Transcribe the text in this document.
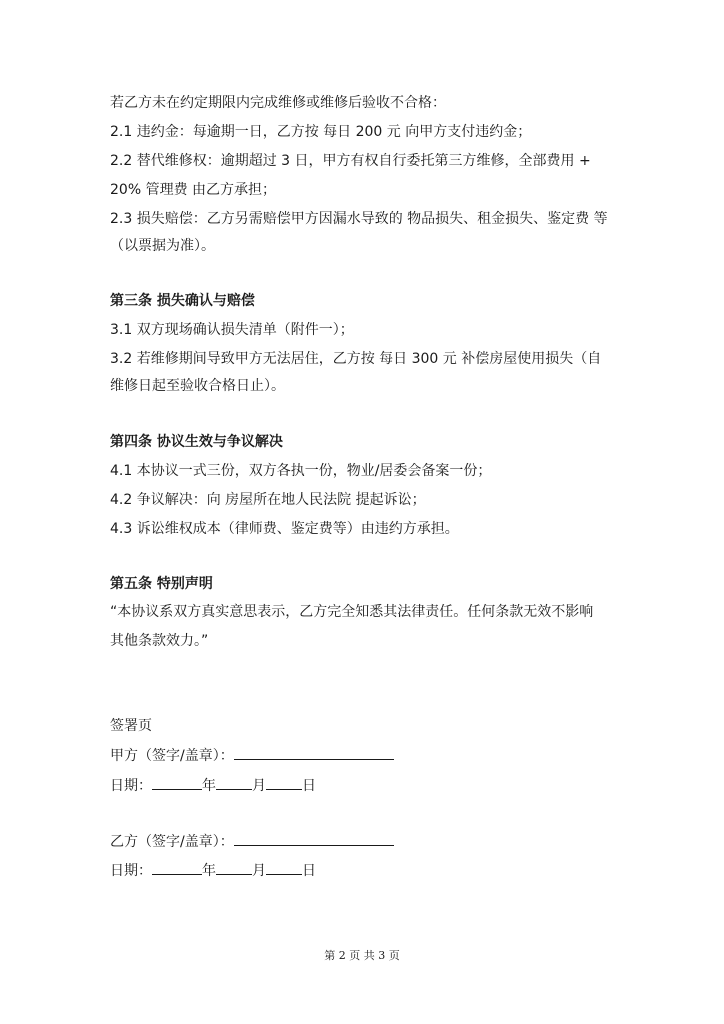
若乙方未在约定期限内完成维修或维修后验收不合格：
2.1 违约金：每逾期一日，乙方按 每日 200 元 向甲方支付违约金；
2.2 替代维修权：逾期超过 3 日，甲方有权自行委托第三方维修，全部费用 +
20% 管理费 由乙方承担；
2.3 损失赔偿：乙方另需赔偿甲方因漏水导致的 物品损失、租金损失、鉴定费 等
（以票据为准）。
第三条 损失确认与赔偿
3.1 双方现场确认损失清单（附件一）；
3.2 若维修期间导致甲方无法居住，乙方按 每日 300 元 补偿房屋使用损失（自
维修日起至验收合格日止）。
第四条 协议生效与争议解决
4.1 本协议一式三份，双方各执一份，物业/居委会备案一份；
4.2 争议解决：向 房屋所在地人民法院 提起诉讼；
4.3 诉讼维权成本（律师费、鉴定费等）由违约方承担。
第五条 特别声明
“本协议系双方真实意思表示，乙方完全知悉其法律责任。任何条款无效不影响
其他条款效力。”
签署页
甲方（签字/盖章）：
日期：	年	月	日
乙方（签字/盖章）：
日期：	年	月	日
第 2 页 共 3 页
